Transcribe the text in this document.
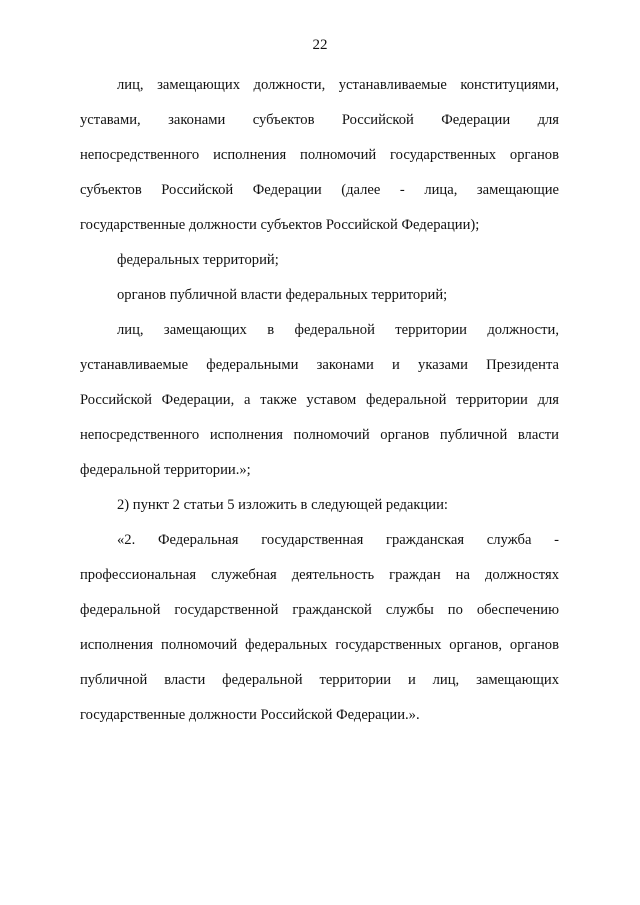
22
лиц, замещающих должности, устанавливаемые конституциями,
уставами, законами субъектов Российской Федерации для
непосредственного исполнения полномочий государственных органов
субъектов Российской Федерации (далее - лица, замещающие
государственные должности субъектов Российской Федерации);
федеральных территорий;
органов публичной власти федеральных территорий;
лиц, замещающих в федеральной территории должности,
устанавливаемые федеральными законами и указами Президента
Российской Федерации, а также уставом федеральной территории для
непосредственного исполнения полномочий органов публичной власти
федеральной территории.»;
2) пункт 2 статьи 5 изложить в следующей редакции:
«2. Федеральная государственная гражданская служба -
профессиональная служебная деятельность граждан на должностях
федеральной государственной гражданской службы по обеспечению
исполнения полномочий федеральных государственных органов, органов
публичной власти федеральной территории и лиц, замещающих
государственные должности Российской Федерации.».
